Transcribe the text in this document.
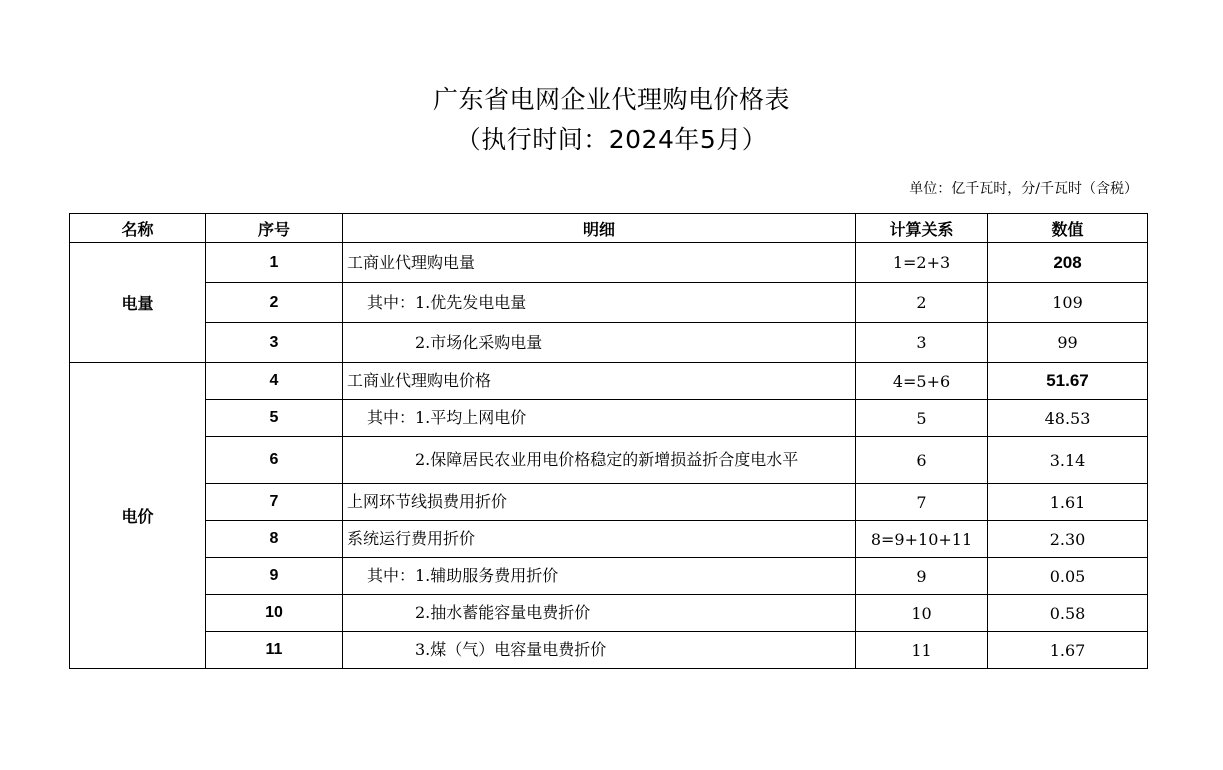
广东省电网企业代理购电价格表
（执行时间：2024年5月）
单位：亿千瓦时，分/千瓦时（含税）
名称	序号	明细	计算关系	数值
电量	1	工商业代理购电量	1=2+3	208
	2	其中：1.优先发电电量	2	109
	3	2.市场化采购电量	3	99
电价	4	工商业代理购电价格	4=5+6	51.67
	5	其中：1.平均上网电价	5	48.53
	6	2.保障居民农业用电价格稳定的新增损益折合度电水平	6	3.14
	7	上网环节线损费用折价	7	1.61
	8	系统运行费用折价	8=9+10+11	2.30
	9	其中：1.辅助服务费用折价	9	0.05
	10	2.抽水蓄能容量电费折价	10	0.58
	11	3.煤（气）电容量电费折价	11	1.67
